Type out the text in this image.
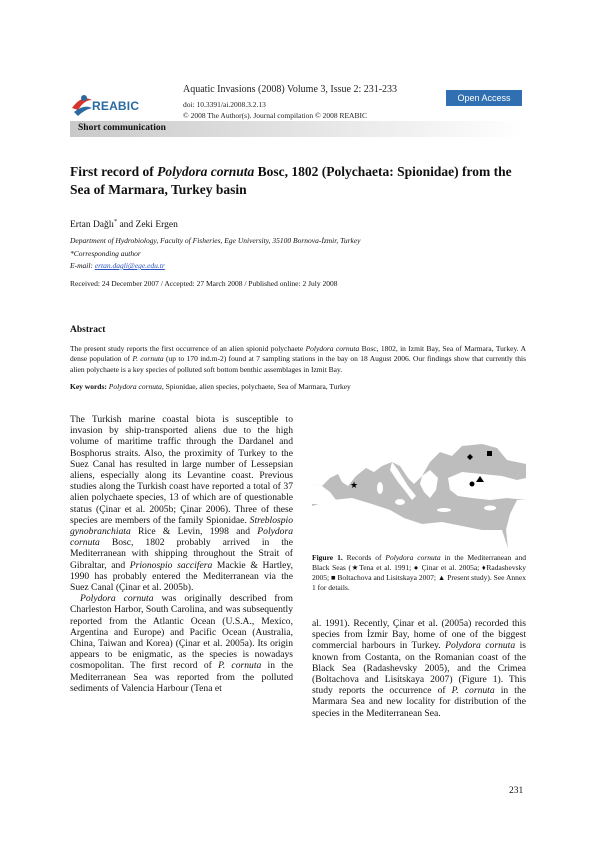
REABIC
Aquatic Invasions (2008) Volume 3, Issue 2: 231-233
doi: 10.3391/ai.2008.3.2.13
© 2008 The Author(s). Journal compilation © 2008 REABIC
Open Access
Short communication
First record of Polydora cornuta Bosc, 1802 (Polychaeta: Spionidae) from the Sea of Marmara, Turkey basin
Ertan Dağlı* and Zeki Ergen
Department of Hydrobiology, Faculty of Fisheries, Ege University, 35100 Bornova-İzmir, Turkey
*Corresponding author
E-mail: ertan.dagli@ege.edu.tr
Received: 24 December 2007 / Accepted: 27 March 2008 / Published online: 2 July 2008
Abstract
The present study reports the first occurrence of an alien spionid polychaete Polydora cornuta Bosc, 1802, in Izmit Bay, Sea of Marmara, Turkey. A dense population of P. cornuta (up to 170 ind.m-2) found at 7 sampling stations in the bay on 18 August 2006. Our findings show that currently this alien polychaete is a key species of polluted soft bottom benthic assemblages in Izmit Bay.
Key words: Polydora cornuta, Spionidae, alien species, polychaete, Sea of Marmara, Turkey

The Turkish marine coastal biota is susceptible to invasion by ship-transported aliens due to the high volume of maritime traffic through the Dardanel and Bosphorus straits. Also, the proximity of Turkey to the Suez Canal has resulted in large number of Lessepsian aliens, especially along its Levantine coast. Previous studies along the Turkish coast have reported a total of 37 alien polychaete species, 13 of which are of questionable status (Çinar et al. 2005b; Çinar 2006). Three of these species are members of the family Spionidae. Streblospio gynobranchiata Rice & Levin, 1998 and Polydora cornuta Bosc, 1802 probably arrived in the Mediterranean with shipping throughout the Strait of Gibraltar, and Prionospio saccifera Mackie & Hartley, 1990 has probably entered the Mediterranean via the Suez Canal (Çinar et al. 2005b).

Polydora cornuta was originally described from Charleston Harbor, South Carolina, and was subsequently reported from the Atlantic Ocean (U.S.A., Mexico, Argentina and Europe) and Pacific Ocean (Australia, China, Taiwan and Korea) (Çinar et al. 2005a). Its origin appears to be enigmatic, as the species is nowadays cosmopolitan. The first record of P. cornuta in the Mediterranean Sea was reported from the polluted sediments of Valencia Harbour (Tena et

★
Figure 1. Records of Polydora cornuta in the Mediterranean and Black Seas (★Tena et al. 1991; ● Çinar et al. 2005a; ♦Radashevsky 2005; ■ Boltachova and Lisitskaya 2007; ▲ Present study). See Annex 1 for details.

al. 1991). Recently, Çinar et al. (2005a) recorded this species from İzmir Bay, home of one of the biggest commercial harbours in Turkey. Polydora cornuta is known from Costanta, on the Romanian coast of the Black Sea (Radashevsky 2005), and the Crimea (Boltachova and Lisitskaya 2007) (Figure 1). This study reports the occurrence of P. cornuta in the Marmara Sea and new locality for distribution of the species in the Mediterranean Sea.

231
